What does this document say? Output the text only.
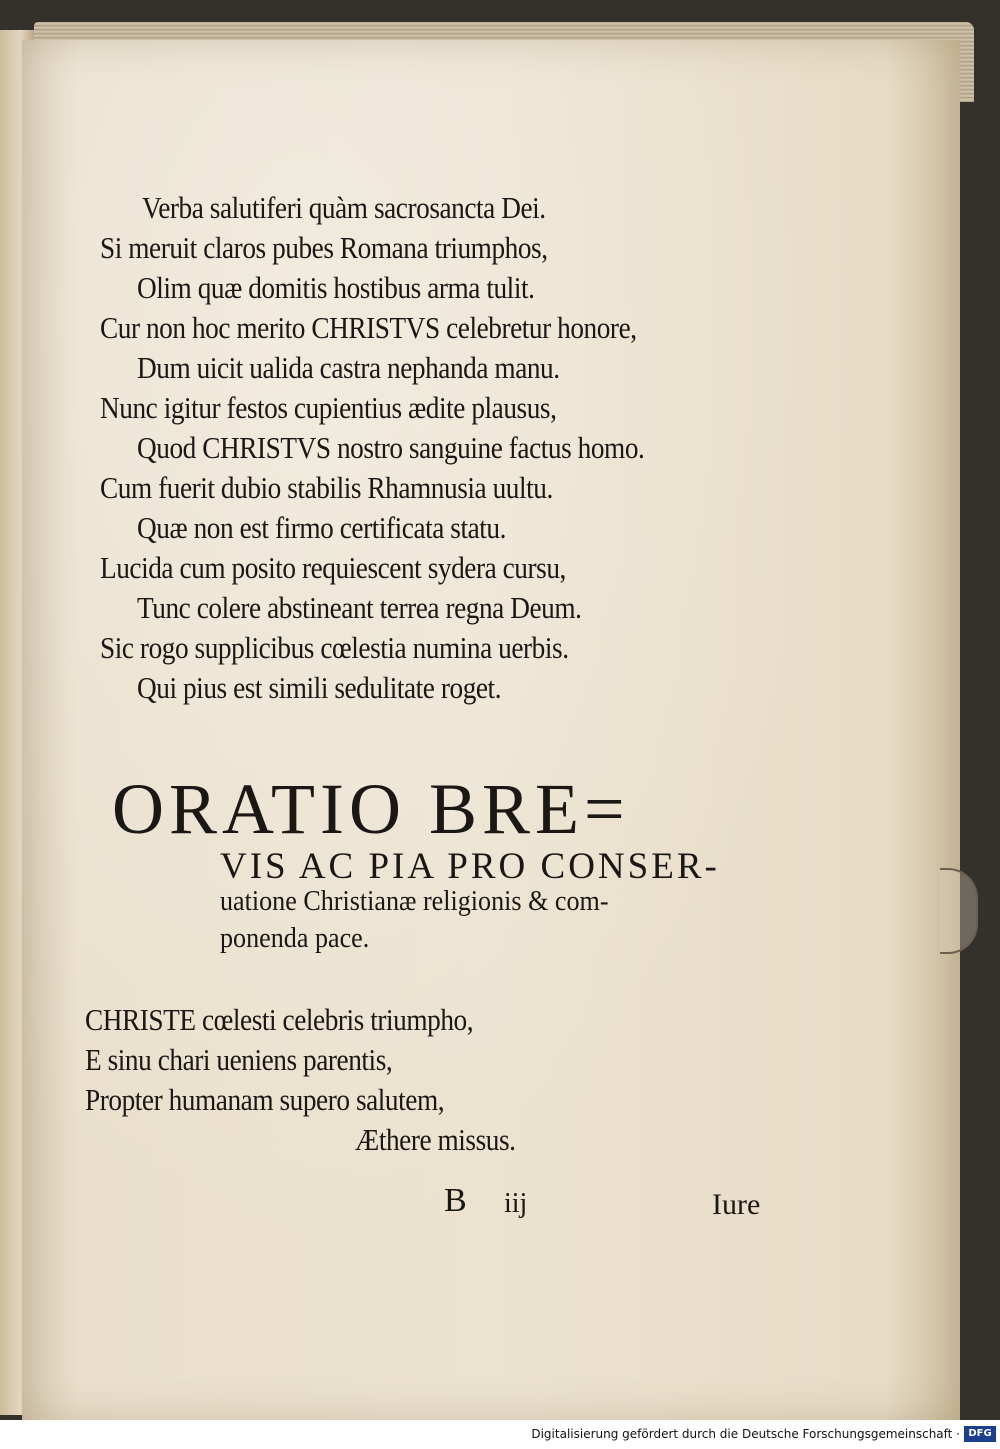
Verba salutiferi quàm sacrosancta Dei.
Si meruit claros pubes Romana triumphos,
Olim quæ domitis hostibus arma tulit.
Cur non hoc merito CHRISTVS celebretur honore,
Dum uicit ualida castra nephanda manu.
Nunc igitur festos cupientius ædite plausus,
Quod CHRISTVS nostro sanguine factus homo.
Cum fuerit dubio stabilis Rhamnusia uultu.
Quæ non est firmo certificata statu.
Lucida cum posito requiescent sydera cursu,
Tunc colere abstineant terrea regna Deum.
Sic rogo supplicibus cœlestia numina uerbis.
Qui pius est simili sedulitate roget.
ORATIO BRE=
VIS AC PIA PRO CONSER-
uatione Christianæ religionis & com-
ponenda pace.
CHRISTE cœlesti celebris triumpho,
E sinu chari ueniens parentis,
Propter humanam supero salutem,
Æthere missus.
B iij	Iure
Digitalisierung gefördert durch die Deutsche Forschungsgemeinschaft · DFG
